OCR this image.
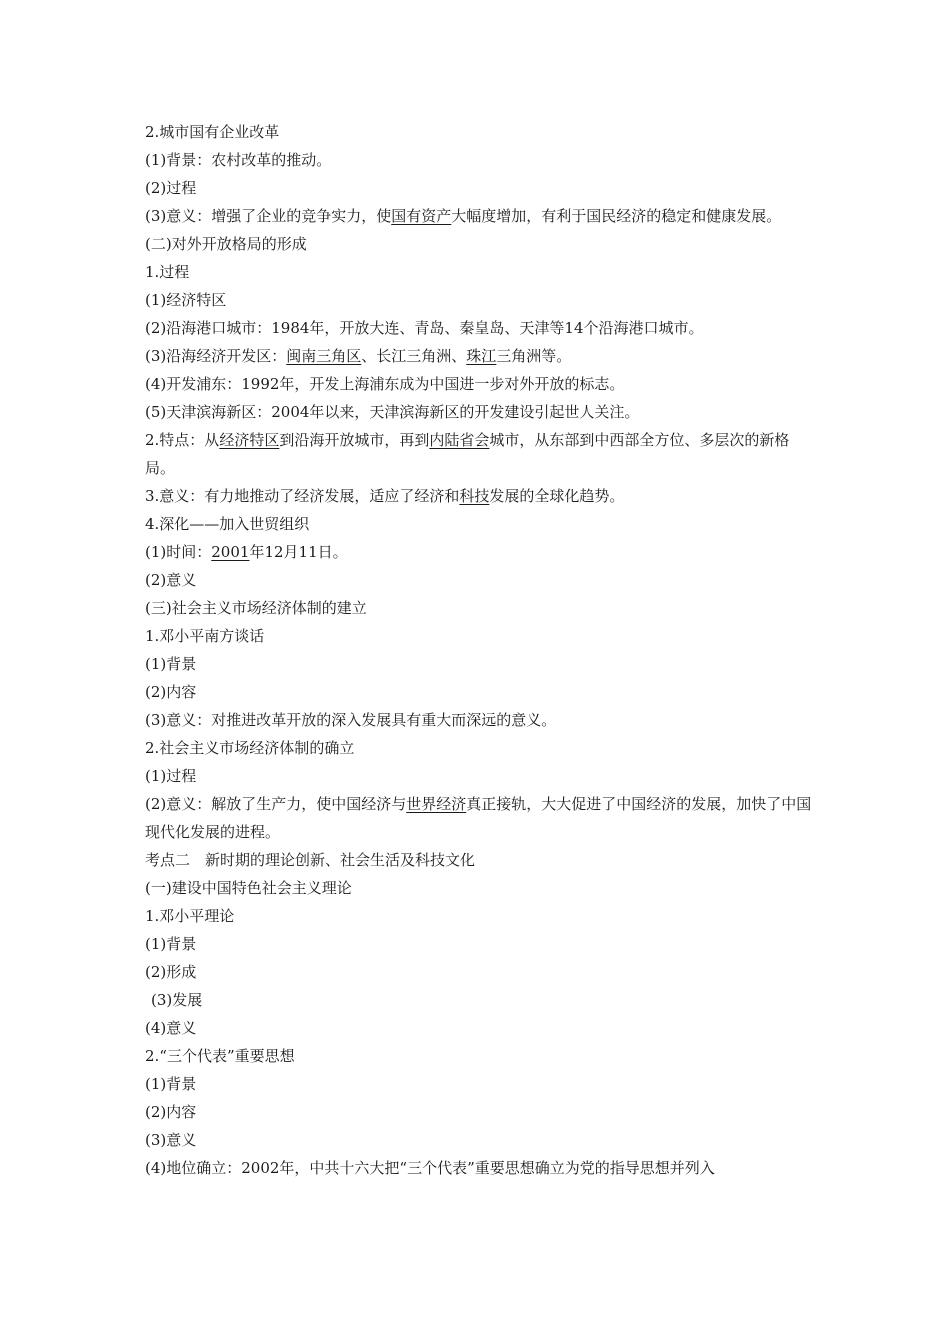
2.城市国有企业改革
(1)背景：农村改革的推动。
(2)过程
(3)意义：增强了企业的竞争实力，使国有资产大幅度增加，有利于国民经济的稳定和健康发展。
(二)对外开放格局的形成
1.过程
(1)经济特区
(2)沿海港口城市：1984年，开放大连、青岛、秦皇岛、天津等14个沿海港口城市。
(3)沿海经济开发区：闽南三角区、长江三角洲、珠江三角洲等。
(4)开发浦东：1992年，开发上海浦东成为中国进一步对外开放的标志。
(5)天津滨海新区：2004年以来，天津滨海新区的开发建设引起世人关注。
2.特点：从经济特区到沿海开放城市，再到内陆省会城市，从东部到中西部全方位、多层次的新格局。
3.意义：有力地推动了经济发展，适应了经济和科技发展的全球化趋势。
4.深化——加入世贸组织
(1)时间：2001年12月11日。
(2)意义
(三)社会主义市场经济体制的建立
1.邓小平南方谈话
(1)背景
(2)内容
(3)意义：对推进改革开放的深入发展具有重大而深远的意义。
2.社会主义市场经济体制的确立
(1)过程
(2)意义：解放了生产力，使中国经济与世界经济真正接轨，大大促进了中国经济的发展，加快了中国现代化发展的进程。
考点二　新时期的理论创新、社会生活及科技文化
(一)建设中国特色社会主义理论
1.邓小平理论
(1)背景
(2)形成
(3)发展
(4)意义
2.“三个代表”重要思想
(1)背景
(2)内容
(3)意义
(4)地位确立：2002年，中共十六大把“三个代表”重要思想确立为党的指导思想并列入
